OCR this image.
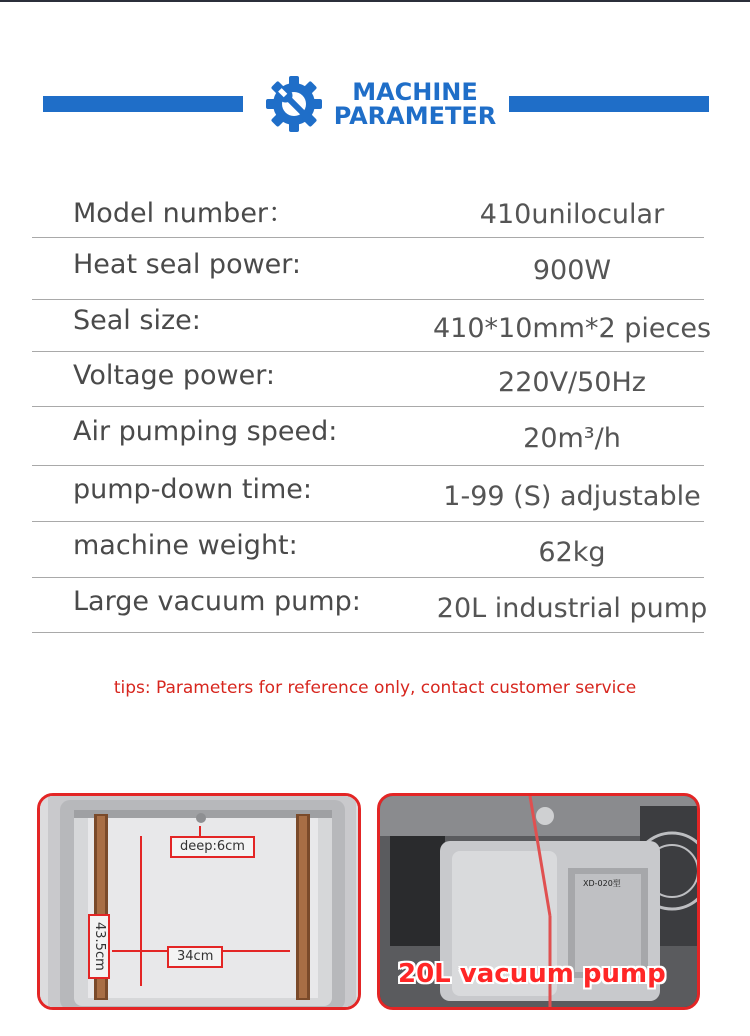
MACHINE
PARAMETER
Model number：	410unilocular
Heat seal power:	900W
Seal size:	410*10mm*2 pieces
Voltage power:	220V/50Hz
Air pumping speed:	20m³/h
pump-down time:	1-99 (S) adjustable
machine weight:	62kg
Large vacuum pump:	20L industrial pump
tips: Parameters for reference only, contact customer service
deep:6cm
34cm
43.5cm
XD-020型
20L vacuum pump
